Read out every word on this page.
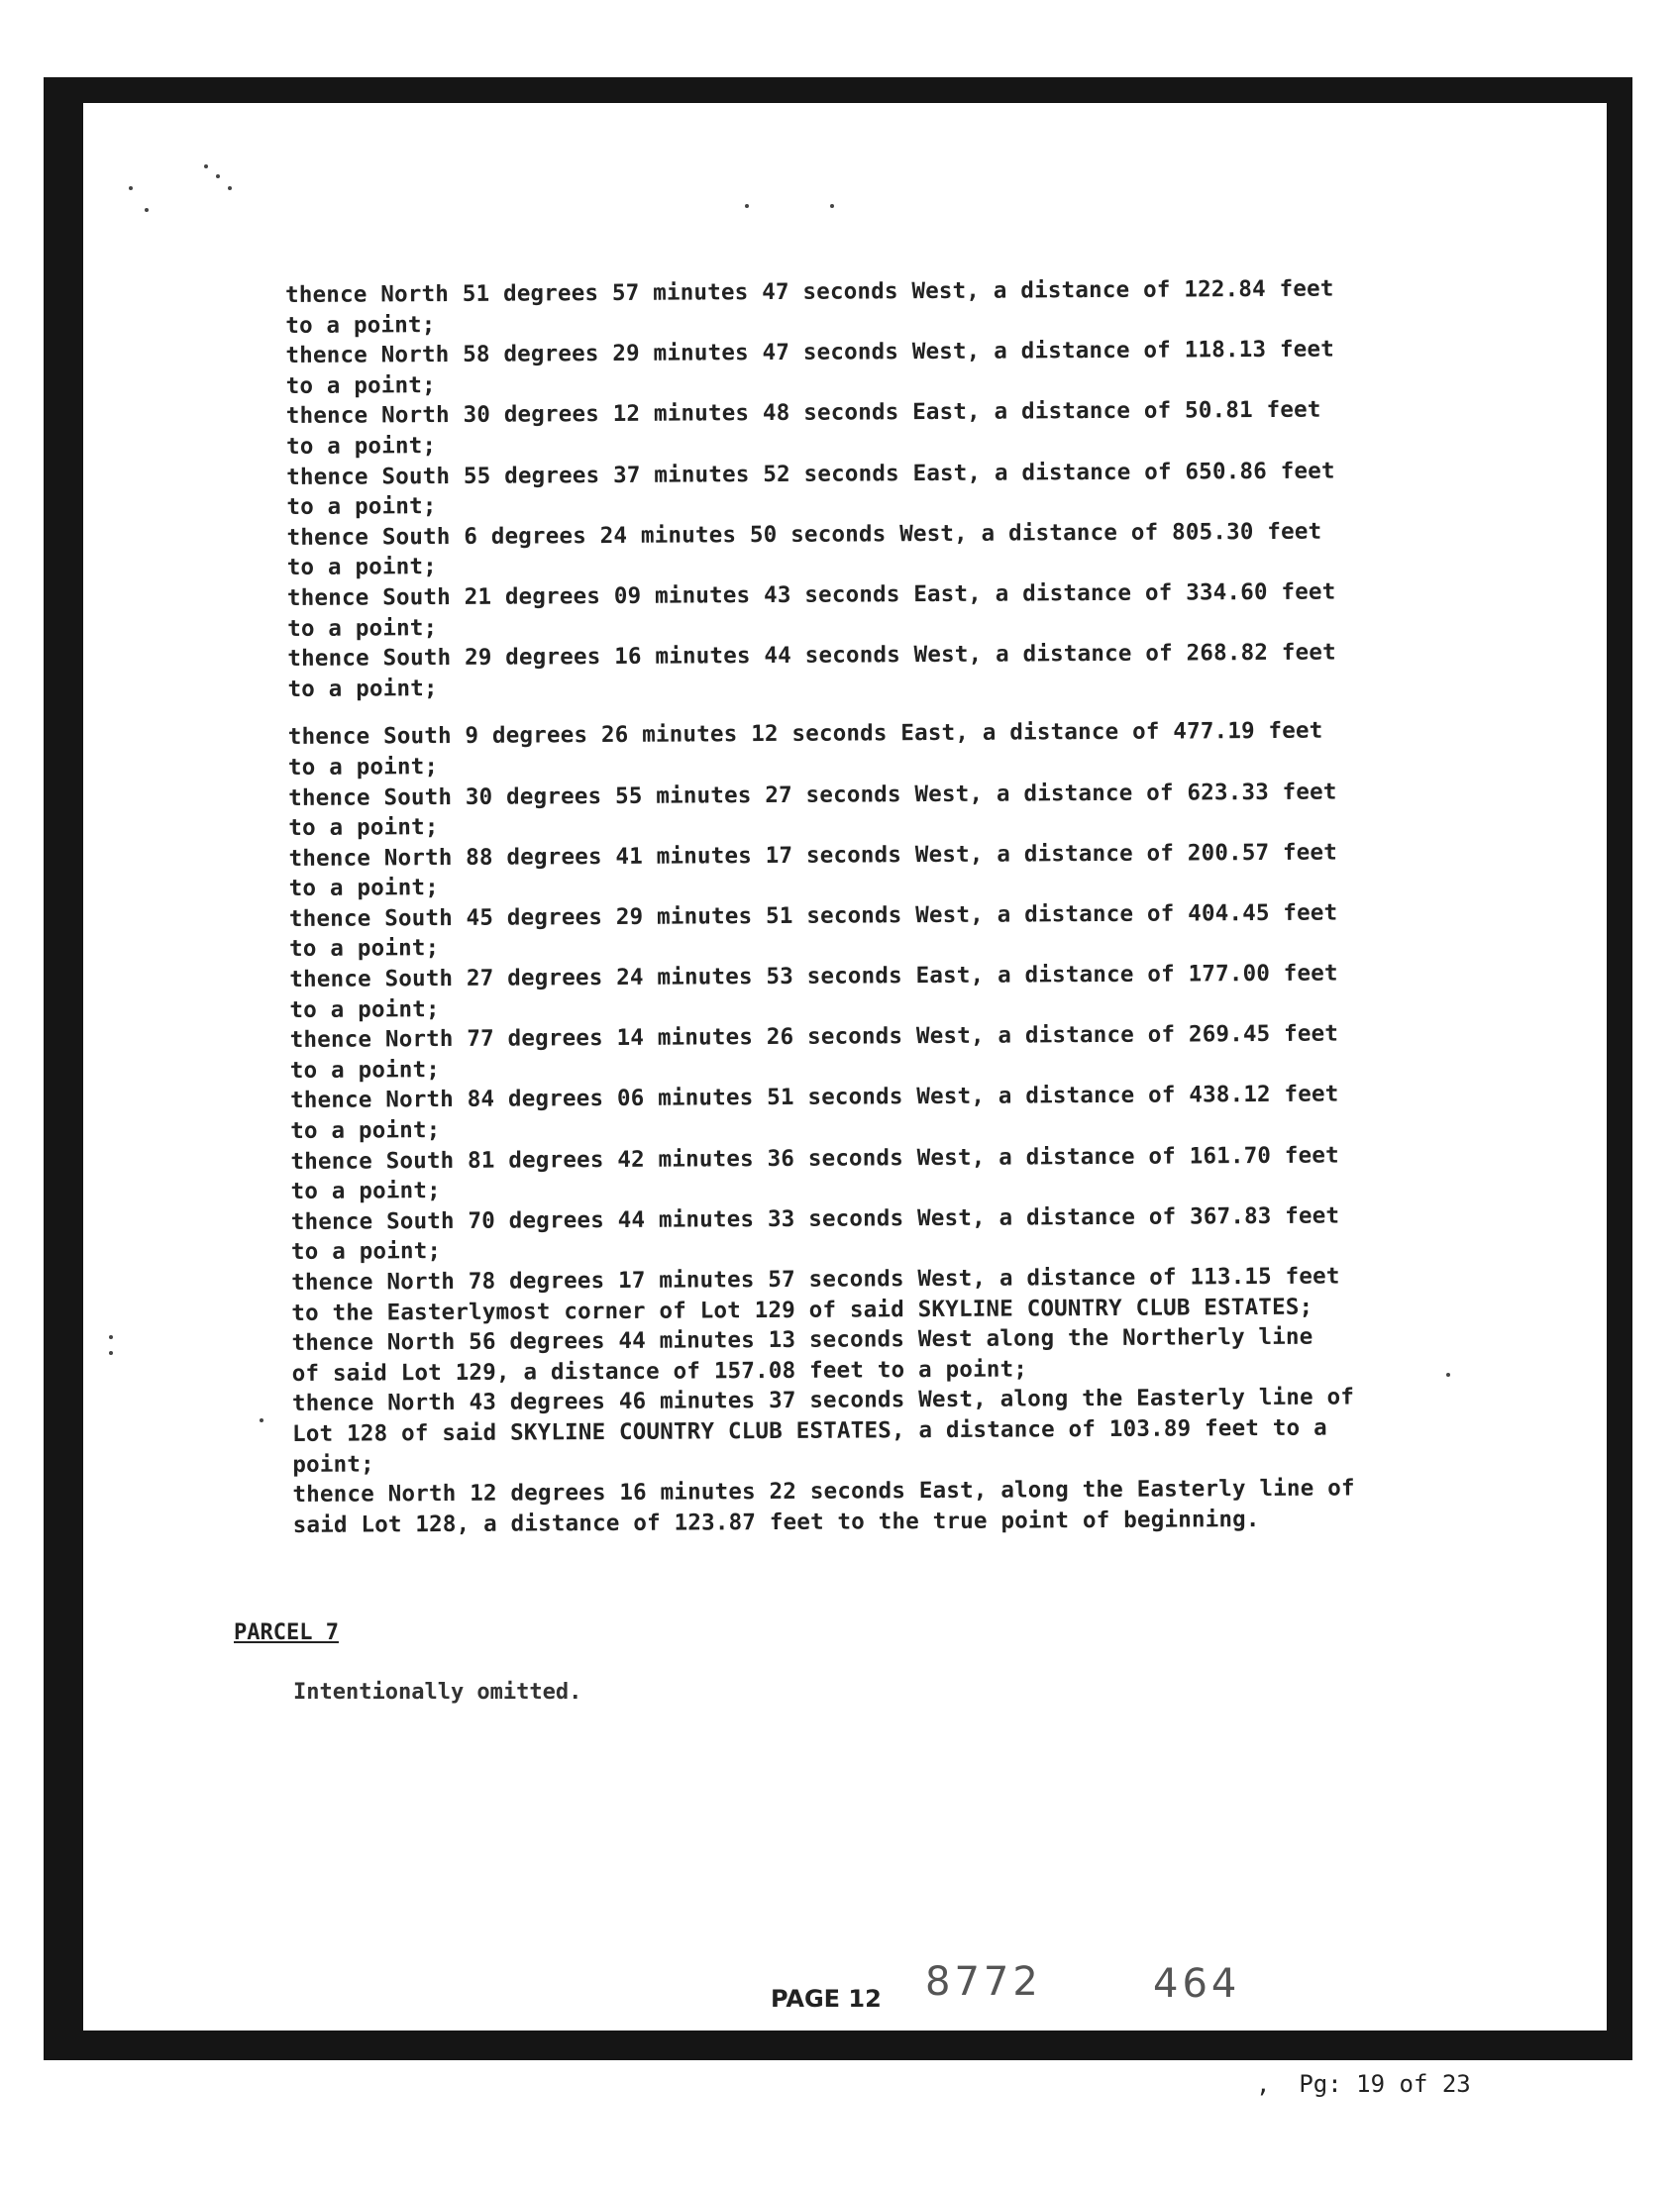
thence North 51 degrees 57 minutes 47 seconds West, a distance of 122.84 feet
to a point;
thence North 58 degrees 29 minutes 47 seconds West, a distance of 118.13 feet
to a point;
thence North 30 degrees 12 minutes 48 seconds East, a distance of 50.81 feet
to a point;
thence South 55 degrees 37 minutes 52 seconds East, a distance of 650.86 feet
to a point;
thence South 6 degrees 24 minutes 50 seconds West, a distance of 805.30 feet
to a point;
thence South 21 degrees 09 minutes 43 seconds East, a distance of 334.60 feet
to a point;
thence South 29 degrees 16 minutes 44 seconds West, a distance of 268.82 feet
to a point;
thence South 9 degrees 26 minutes 12 seconds East, a distance of 477.19 feet
to a point;
thence South 30 degrees 55 minutes 27 seconds West, a distance of 623.33 feet
to a point;
thence North 88 degrees 41 minutes 17 seconds West, a distance of 200.57 feet
to a point;
thence South 45 degrees 29 minutes 51 seconds West, a distance of 404.45 feet
to a point;
thence South 27 degrees 24 minutes 53 seconds East, a distance of 177.00 feet
to a point;
thence North 77 degrees 14 minutes 26 seconds West, a distance of 269.45 feet
to a point;
thence North 84 degrees 06 minutes 51 seconds West, a distance of 438.12 feet
to a point;
thence South 81 degrees 42 minutes 36 seconds West, a distance of 161.70 feet
to a point;
thence South 70 degrees 44 minutes 33 seconds West, a distance of 367.83 feet
to a point;
thence North 78 degrees 17 minutes 57 seconds West, a distance of 113.15 feet
to the Easterlymost corner of Lot 129 of said SKYLINE COUNTRY CLUB ESTATES;
thence North 56 degrees 44 minutes 13 seconds West along the Northerly line
of said Lot 129, a distance of 157.08 feet to a point;
thence North 43 degrees 46 minutes 37 seconds West, along the Easterly line of
Lot 128 of said SKYLINE COUNTRY CLUB ESTATES, a distance of 103.89 feet to a
point;
thence North 12 degrees 16 minutes 22 seconds East, along the Easterly line of
said Lot 128, a distance of 123.87 feet to the true point of beginning.
PARCEL 7
Intentionally omitted.
PAGE 12 8772	464
,  Pg: 19 of 23
